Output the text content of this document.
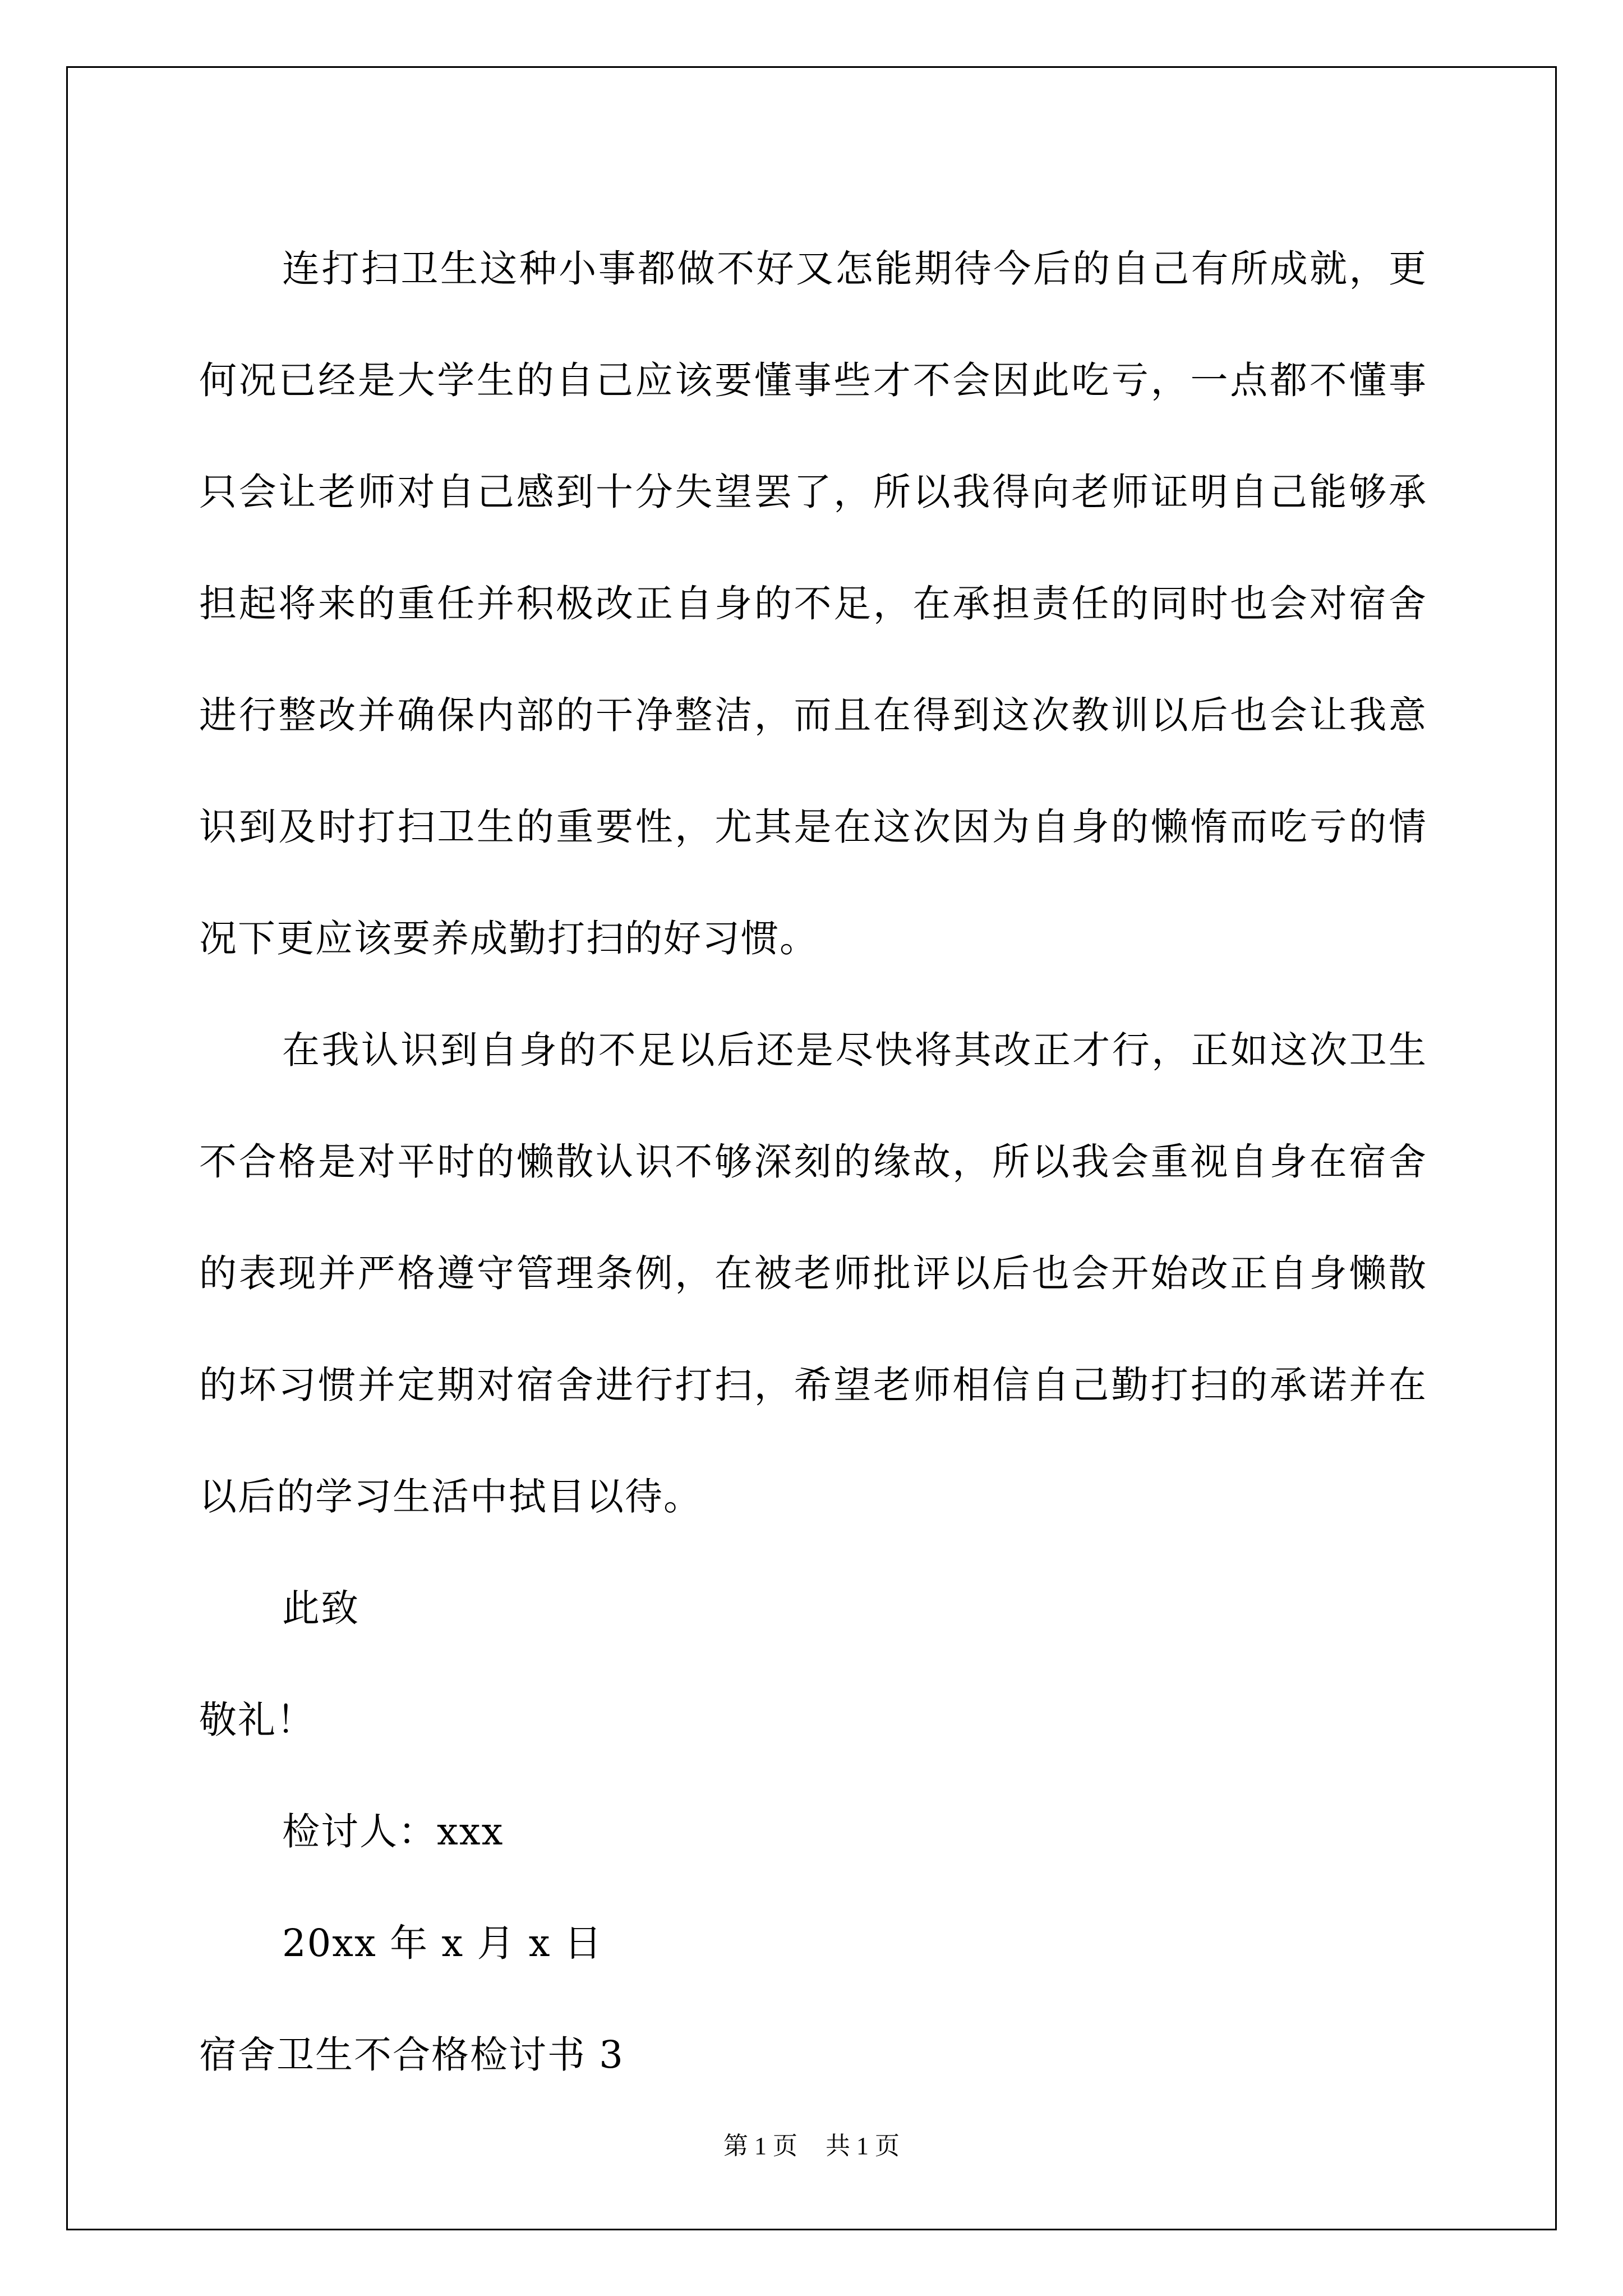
连打扫卫生这种小事都做不好又怎能期待今后的自己有所成就，更何况已经是大学生的自己应该要懂事些才不会因此吃亏，一点都不懂事只会让老师对自己感到十分失望罢了，所以我得向老师证明自己能够承担起将来的重任并积极改正自身的不足，在承担责任的同时也会对宿舍进行整改并确保内部的干净整洁，而且在得到这次教训以后也会让我意识到及时打扫卫生的重要性，尤其是在这次因为自身的懒惰而吃亏的情况下更应该要养成勤打扫的好习惯。

在我认识到自身的不足以后还是尽快将其改正才行，正如这次卫生不合格是对平时的懒散认识不够深刻的缘故，所以我会重视自身在宿舍的表现并严格遵守管理条例，在被老师批评以后也会开始改正自身懒散的坏习惯并定期对宿舍进行打扫，希望老师相信自己勤打扫的承诺并在以后的学习生活中拭目以待。

此致

敬礼！

检讨人：xxx

20xx 年 x 月 x 日

宿舍卫生不合格检讨书 3

第 1 页 共 1 页
